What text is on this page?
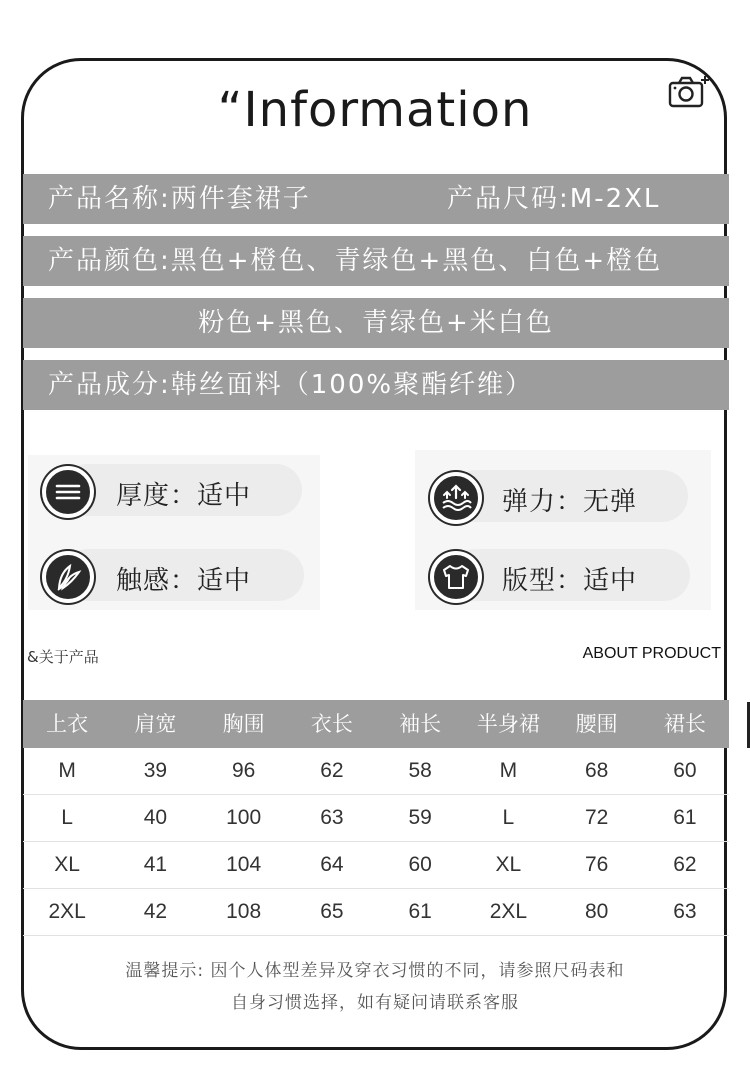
“Information
产品名称:两件套裙子	产品尺码:M-2XL
产品颜色:黑色+橙色、青绿色+黑色、白色+橙色
粉色+黑色、青绿色+米白色
产品成分:韩丝面料（100%聚酯纤维）
厚度：适中	弹力：无弹
触感：适中	版型：适中
&关于产品	ABOUT PRODUCT
上衣	肩宽	胸围	衣长	袖长	半身裙	腰围	裙长
M	39	96	62	58	M	68	60
L	40	100	63	59	L	72	61
XL	41	104	64	60	XL	76	62
2XL	42	108	65	61	2XL	80	63
温馨提示: 因个人体型差异及穿衣习惯的不同，请参照尺码表和
自身习惯选择，如有疑问请联系客服
